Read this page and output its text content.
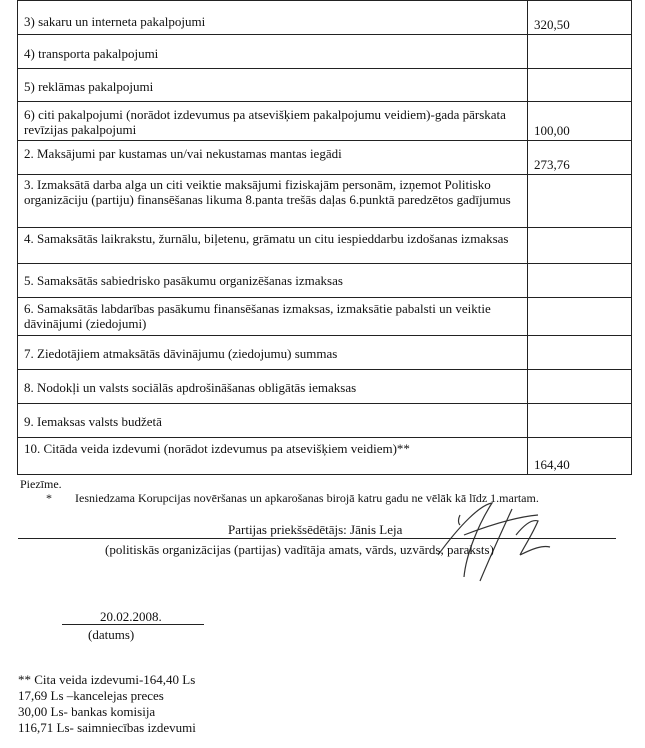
3) sakaru un interneta pakalpojumi	320,50
4) transporta pakalpojumi	
5) reklāmas pakalpojumi	
6) citi pakalpojumi (norādot izdevumus pa atsevišķiem pakalpojumu veidiem)-gada pārskata revīzijas pakalpojumi	100,00
2. Maksājumi par kustamas un/vai nekustamas mantas iegādi	273,76
3. Izmaksātā darba alga un citi veiktie maksājumi fiziskajām personām, izņemot Politisko organizāciju (partiju) finansēšanas likuma 8.panta trešās daļas 6.punktā paredzētos gadījumus	
4. Samaksātās laikrakstu, žurnālu, biļetenu, grāmatu un citu iespieddarbu izdošanas izmaksas	
5. Samaksātās sabiedrisko pasākumu organizēšanas izmaksas	
6. Samaksātās labdarības pasākumu finansēšanas izmaksas, izmaksātie pabalsti un veiktie dāvinājumi (ziedojumi)	
7. Ziedotājiem atmaksātās dāvinājumu (ziedojumu) summas	
8. Nodokļi un valsts sociālās apdrošināšanas obligātās iemaksas	
9. Iemaksas valsts budžetā	
10. Citāda veida izdevumi (norādot izdevumus pa atsevišķiem veidiem)**	164,40
Piezīme.
* Iesniedzama Korupcijas novēršanas un apkarošanas birojā katru gadu ne vēlāk kā līdz 1.martam.
Partijas priekšsēdētājs: Jānis Leja
(politiskās organizācijas (partijas) vadītāja amats, vārds, uzvārds, paraksts)
20.02.2008.
(datums)
** Cita veida izdevumi-164,40 Ls
17,69 Ls –kancelejas preces
30,00 Ls- bankas komisija
116,71 Ls- saimniecības izdevumi
